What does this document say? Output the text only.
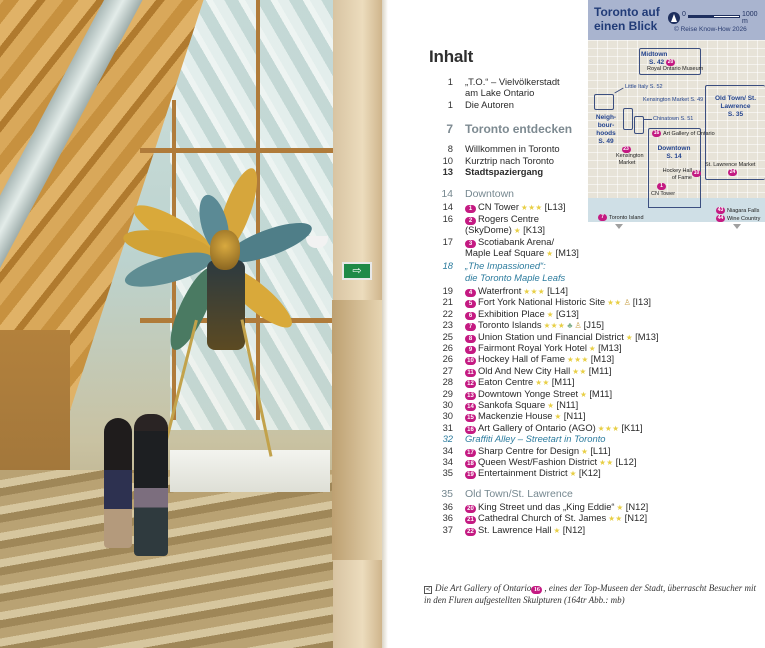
⇨
Toronto auf
einen Blick
0	1000 m
© Reise Know-How 2026
Midtown
S. 42 20
Royal Ontario Museum
Little Italy S. 52
Kensington Market S. 49
Neigh-bour-hoods
S. 49
Chinatown S. 51
23
Kensington Market
16 Art Gallery of Ontario
Downtown
S. 14
Hockey Hall of Fame
10
1
CN Tower
Old Town/ St. Lawrence
S. 35
St. Lawrence Market
24
7 Toronto Island
43 Niagara Falls
44 Wine Country
Inhalt
1 „T.O.“ – Vielvölkerstadt
am Lake Ontario
1 Die Autoren
7 Toronto entdecken
8 Willkommen in Toronto
10 Kurztrip nach Toronto
13 Stadtspaziergang
14 Downtown
14	1 CN Tower ★★★ [L13]
16	2 Rogers Centre
(SkyDome) ★ [K13]
17	3 Scotiabank Arena/
Maple Leaf Square ★ [M13]
18 „The Impassioned“:
die Toronto Maple Leafs
19	4 Waterfront ★★★ [L14]
21	5 Fort York National Historic Site ★★ ♙ [I13]
22	6 Exhibition Place ★ [G13]
23	7 Toronto Islands ★★★ ♣ ♙ [J15]
25	8 Union Station und Financial District ★ [M13]
26	9 Fairmont Royal York Hotel ★ [M13]
26	10 Hockey Hall of Fame ★★★ [M13]
27	11 Old And New City Hall ★★ [M11]
28	12 Eaton Centre ★★ [M11]
29	13 Downtown Yonge Street ★ [M11]
30	14 Sankofa Square ★ [N11]
30	15 Mackenzie House ★ [N11]
31	16 Art Gallery of Ontario (AGO) ★★★ [K11]
32 Graffiti Alley – Streetart in Toronto
34	17 Sharp Centre for Design ★ [L11]
34	18 Queen West/Fashion District ★★ [L12]
35	19 Entertainment District ★ [K12]
35 Old Town/St. Lawrence
36	20 King Street und das „King Eddie“ ★ [N12]
36	21 Cathedral Church of St. James ★★ [N12]
37	22 St. Lawrence Hall ★ [N12]
< Die Art Gallery of Ontario 16 , eines der Top-Museen der Stadt, überrascht Besucher mit in den Fluren aufgestellten Skulpturen (164tr Abb.: mb)
